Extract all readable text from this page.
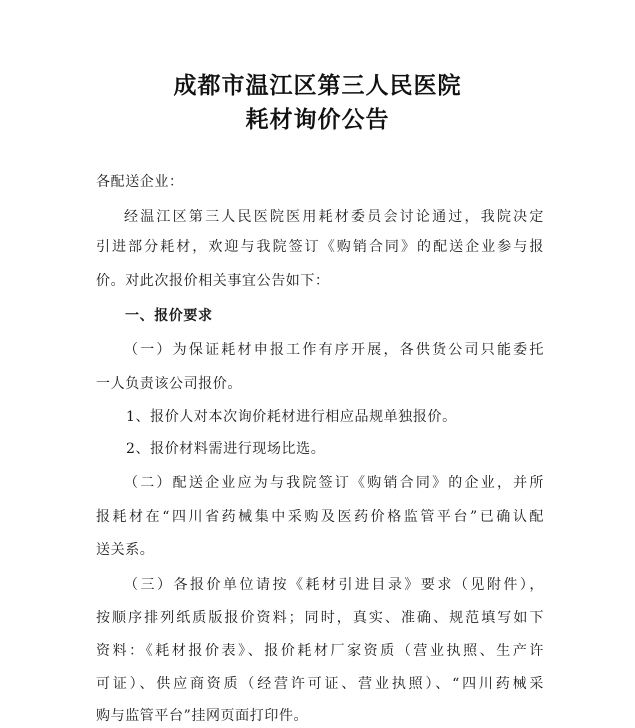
成都市温江区第三人民医院
耗材询价公告
各配送企业：
经温江区第三人民医院医用耗材委员会讨论通过，我院决定
引进部分耗材，欢迎与我院签订《购销合同》的配送企业参与报
价。对此次报价相关事宜公告如下：
一、报价要求
（一）为保证耗材申报工作有序开展，各供货公司只能委托
一人负责该公司报价。
1、报价人对本次询价耗材进行相应品规单独报价。
2、报价材料需进行现场比选。
（二）配送企业应为与我院签订《购销合同》的企业，并所
报耗材在“四川省药械集中采购及医药价格监管平台”已确认配
送关系。
（三）各报价单位请按《耗材引进目录》要求（见附件），
按顺序排列纸质版报价资料；同时，真实、准确、规范填写如下
资料：《耗材报价表》、报价耗材厂家资质（营业执照、生产许
可证）、供应商资质（经营许可证、营业执照）、“四川药械采
购与监管平台”挂网页面打印件。
